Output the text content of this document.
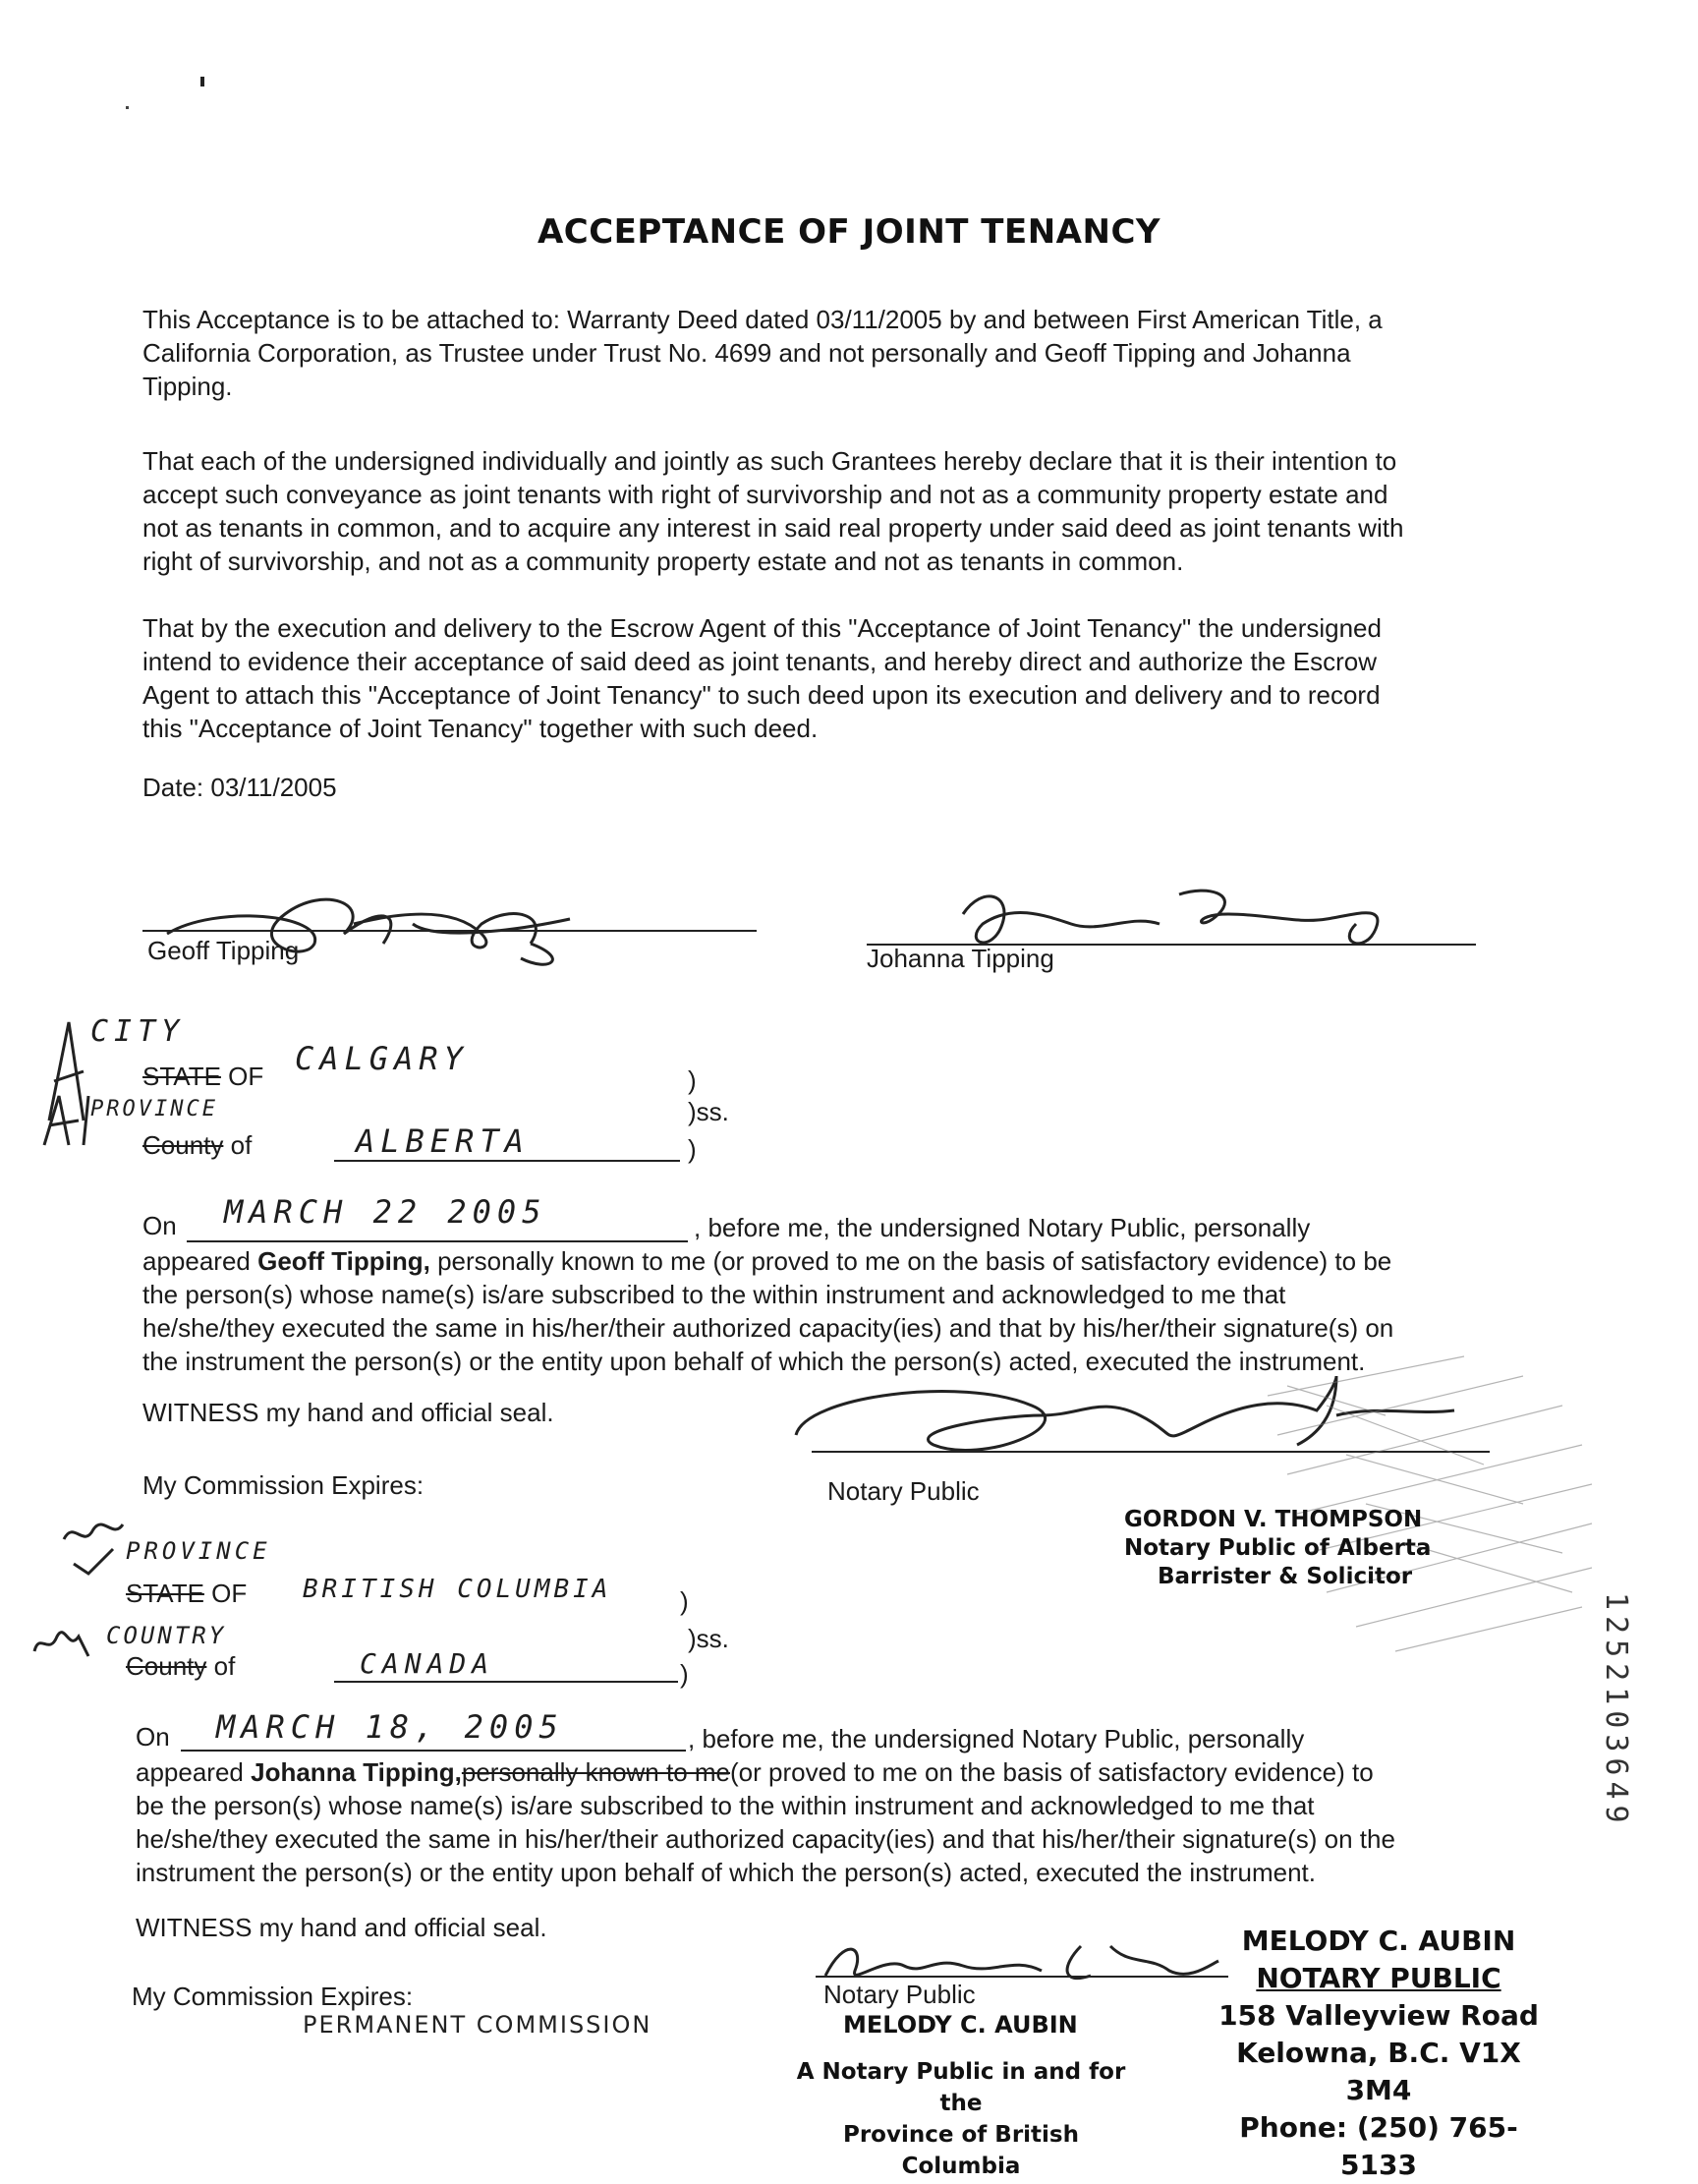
ACCEPTANCE OF JOINT TENANCY
This Acceptance is to be attached to: Warranty Deed dated 03/11/2005 by and between First American Title, a
California Corporation, as Trustee under Trust No. 4699 and not personally and Geoff Tipping and Johanna
Tipping.
That each of the undersigned individually and jointly as such Grantees hereby declare that it is their intention to
accept such conveyance as joint tenants with right of survivorship and not as a community property estate and
not as tenants in common, and to acquire any interest in said real property under said deed as joint tenants with
right of survivorship, and not as a community property estate and not as tenants in common.
That by the execution and delivery to the Escrow Agent of this "Acceptance of Joint Tenancy" the undersigned
intend to evidence their acceptance of said deed as joint tenants, and hereby direct and authorize the Escrow
Agent to attach this "Acceptance of Joint Tenancy" to such deed upon its execution and delivery and to record
this "Acceptance of Joint Tenancy" together with such deed.
Date: 03/11/2005
Geoff Tipping	Johanna Tipping
CITY
STATE OF CALGARY
)
PROVINCE	)ss.
County of	ALBERTA	)
On MARCH 22 2005	, before me, the undersigned Notary Public, personally
appeared Geoff Tipping, personally known to me (or proved to me on the basis of satisfactory evidence) to be
the person(s) whose name(s) is/are subscribed to the within instrument and acknowledged to me that
he/she/they executed the same in his/her/their authorized capacity(ies) and that by his/her/their signature(s) on
the instrument the person(s) or the entity upon behalf of which the person(s) acted, executed the instrument.
WITNESS my hand and official seal.
Notary Public
My Commission Expires:
GORDON V. THOMPSON
Notary Public of Alberta
Barrister & Solicitor
PROVINCE
STATE OF BRITISH COLUMBIA	)
COUNTRY	)ss.
County of	CANADA	)
On MARCH 18, 2005	, before me, the undersigned Notary Public, personally
appeared Johanna Tipping,personally known to me(or proved to me on the basis of satisfactory evidence) to
be the person(s) whose name(s) is/are subscribed to the within instrument and acknowledged to me that
he/she/they executed the same in his/her/their authorized capacity(ies) and that his/her/their signature(s) on the
instrument the person(s) or the entity upon behalf of which the person(s) acted, executed the instrument.
WITNESS my hand and official seal.
My Commission Expires:
PERMANENT COMMISSION
Notary Public
MELODY C. AUBIN
A Notary Public in and for the
Province of British Columbia
MELODY C. AUBIN
NOTARY PUBLIC
158 Valleyview Road
Kelowna, B.C. V1X 3M4
Phone: (250) 765-5133
1252103649
